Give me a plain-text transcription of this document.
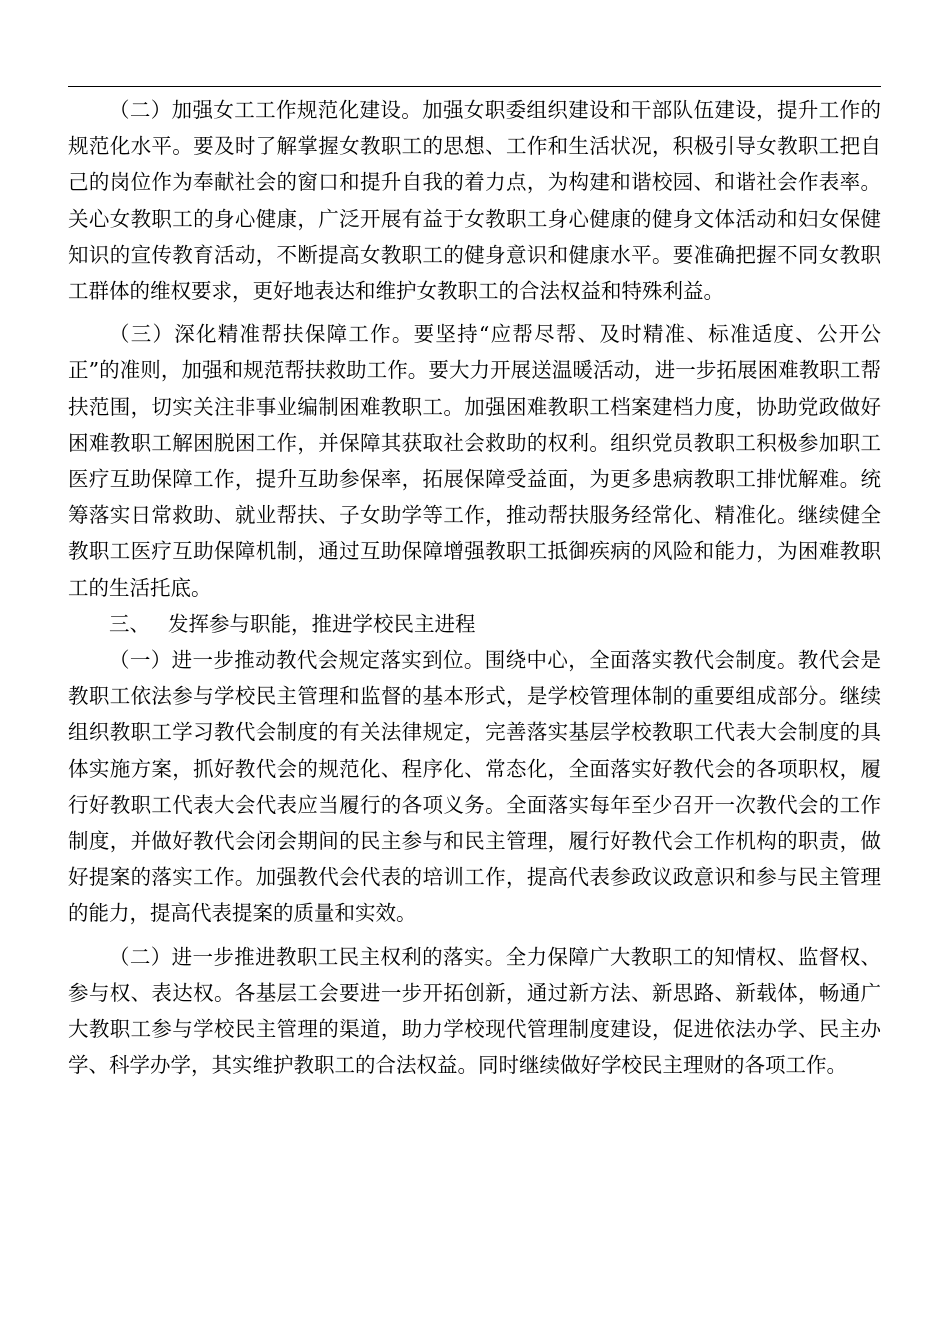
（二）加强女工工作规范化建设。加强女职委组织建设和干部队伍建设，提升工作的规范化水平。要及时了解掌握女教职工的思想、工作和生活状况，积极引导女教职工把自己的岗位作为奉献社会的窗口和提升自我的着力点，为构建和谐校园、和谐社会作表率。关心女教职工的身心健康，广泛开展有益于女教职工身心健康的健身文体活动和妇女保健知识的宣传教育活动，不断提高女教职工的健身意识和健康水平。要准确把握不同女教职工群体的维权要求，更好地表达和维护女教职工的合法权益和特殊利益。

（三）深化精准帮扶保障工作。要坚持“应帮尽帮、及时精准、标准适度、公开公正”的准则，加强和规范帮扶救助工作。要大力开展送温暖活动，进一步拓展困难教职工帮扶范围，切实关注非事业编制困难教职工。加强困难教职工档案建档力度，协助党政做好困难教职工解困脱困工作，并保障其获取社会救助的权利。组织党员教职工积极参加职工医疗互助保障工作，提升互助参保率，拓展保障受益面，为更多患病教职工排忧解难。统筹落实日常救助、就业帮扶、子女助学等工作，推动帮扶服务经常化、精准化。继续健全教职工医疗互助保障机制，通过互助保障增强教职工抵御疾病的风险和能力，为困难教职工的生活托底。

三、 发挥参与职能，推进学校民主进程

（一）进一步推动教代会规定落实到位。围绕中心，全面落实教代会制度。教代会是教职工依法参与学校民主管理和监督的基本形式，是学校管理体制的重要组成部分。继续组织教职工学习教代会制度的有关法律规定，完善落实基层学校教职工代表大会制度的具体实施方案，抓好教代会的规范化、程序化、常态化，全面落实好教代会的各项职权，履行好教职工代表大会代表应当履行的各项义务。全面落实每年至少召开一次教代会的工作制度，并做好教代会闭会期间的民主参与和民主管理，履行好教代会工作机构的职责，做好提案的落实工作。加强教代会代表的培训工作，提高代表参政议政意识和参与民主管理的能力，提高代表提案的质量和实效。

（二）进一步推进教职工民主权利的落实。全力保障广大教职工的知情权、监督权、参与权、表达权。各基层工会要进一步开拓创新，通过新方法、新思路、新载体，畅通广大教职工参与学校民主管理的渠道，助力学校现代管理制度建设，促进依法办学、民主办学、科学办学，其实维护教职工的合法权益。同时继续做好学校民主理财的各项工作。
